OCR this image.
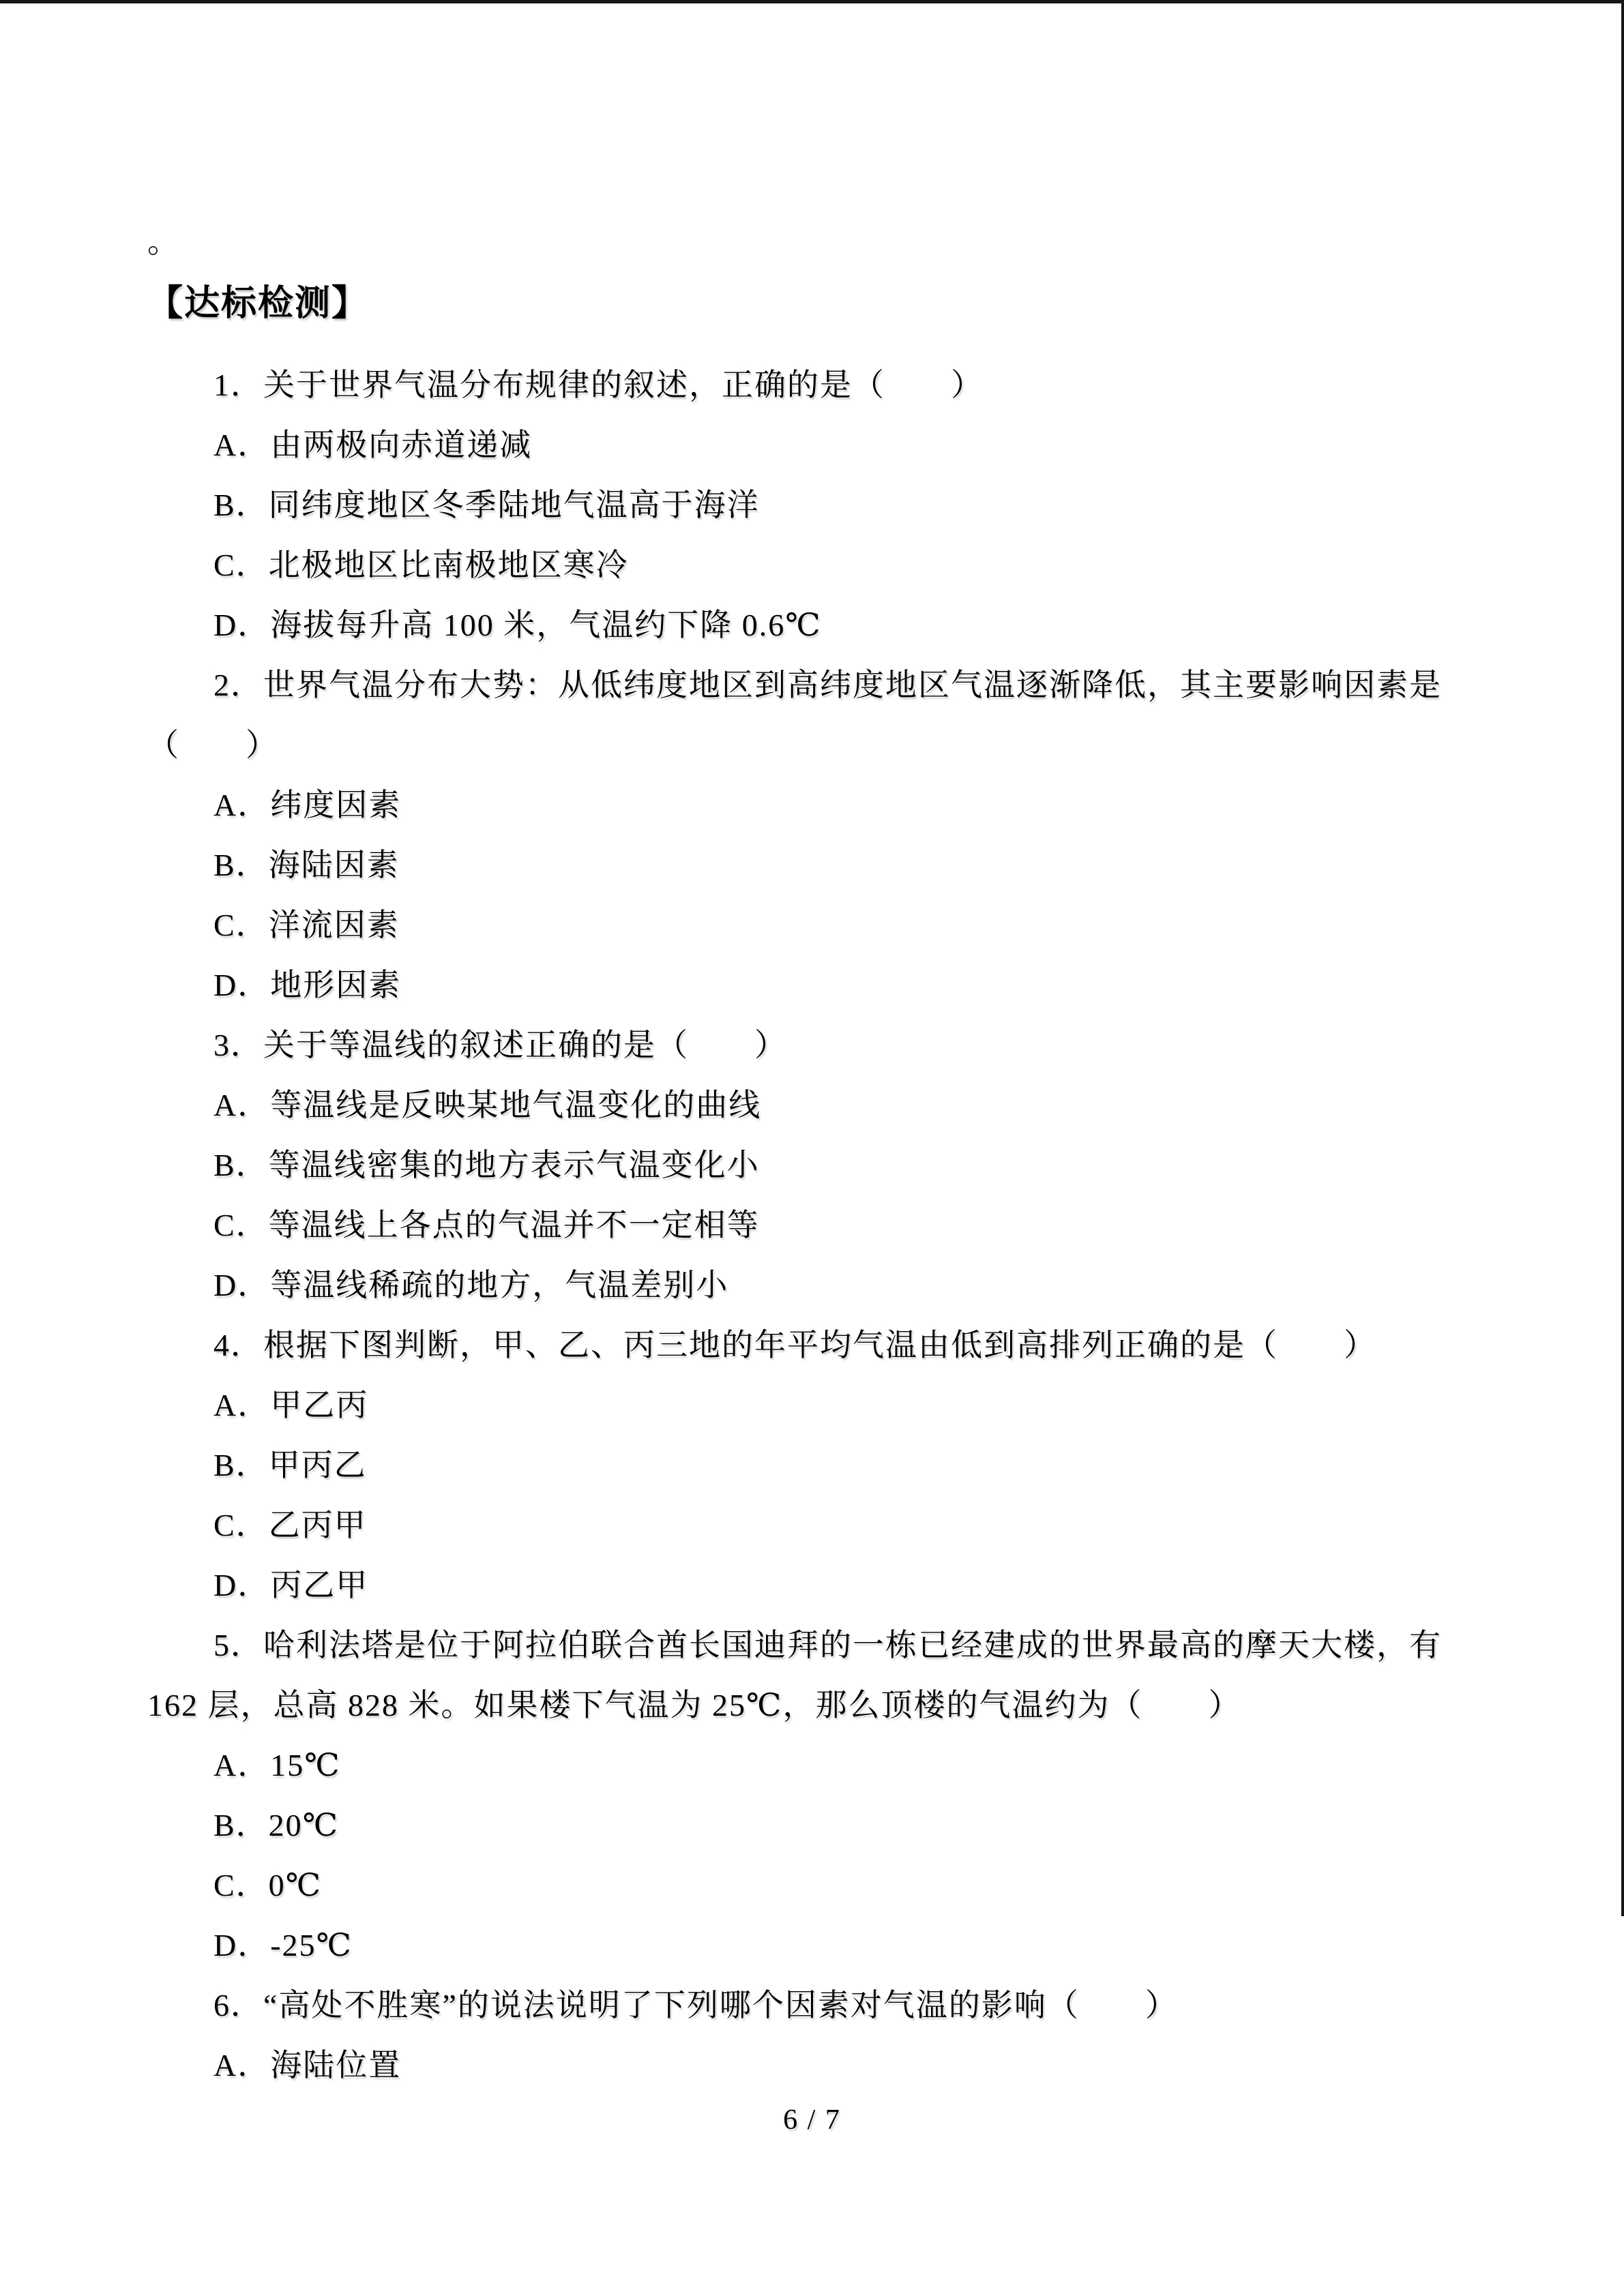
。
【达标检测】
1．关于世界气温分布规律的叙述，正确的是（　　）
A．由两极向赤道递减
B．同纬度地区冬季陆地气温高于海洋
C．北极地区比南极地区寒冷
D．海拔每升高 100 米，气温约下降 0.6℃
2．世界气温分布大势：从低纬度地区到高纬度地区气温逐渐降低，其主要影响因素是
（　　）
A．纬度因素
B．海陆因素
C．洋流因素
D．地形因素
3．关于等温线的叙述正确的是（　　）
A．等温线是反映某地气温变化的曲线
B．等温线密集的地方表示气温变化小
C．等温线上各点的气温并不一定相等
D．等温线稀疏的地方，气温差别小
4．根据下图判断，甲、乙、丙三地的年平均气温由低到高排列正确的是（　　）
A．甲乙丙
B．甲丙乙
C．乙丙甲
D．丙乙甲
5．哈利法塔是位于阿拉伯联合酋长国迪拜的一栋已经建成的世界最高的摩天大楼，有
162 层，总高 828 米。如果楼下气温为 25℃，那么顶楼的气温约为（　　）
A．15℃
B．20℃
C．0℃
D．-25℃
6．“高处不胜寒”的说法说明了下列哪个因素对气温的影响（　　）
A．海陆位置
6 / 7
